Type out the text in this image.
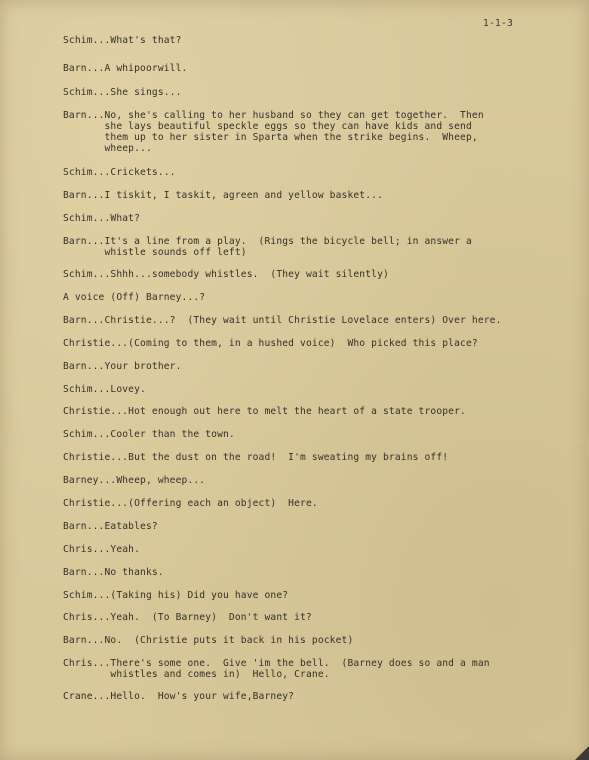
1-1-3
Schim...What's that?
Barn...A whipoorwill.
Schim...She sings...
Barn...No, she's calling to her husband so they can get together.  Then
she lays beautiful speckle eggs so they can have kids and send
them up to her sister in Sparta when the strike begins.  Wheep,
wheep...
Schim...Crickets...
Barn...I tiskit, I taskit, agreen and yellow basket...
Schim...What?
Barn...It's a line from a play.  (Rings the bicycle bell; in answer a
whistle sounds off left)
Schim...Shhh...somebody whistles.  (They wait silently)
A voice (Off) Barney...?
Barn...Christie...?  (They wait until Christie Lovelace enters) Over here.
Christie...(Coming to them, in a hushed voice)  Who picked this place?
Barn...Your brother.
Schim...Lovey.
Christie...Hot enough out here to melt the heart of a state trooper.
Schim...Cooler than the town.
Christie...But the dust on the road!  I'm sweating my brains off!
Barney...Wheep, wheep...
Christie...(Offering each an object)  Here.
Barn...Eatables?
Chris...Yeah.
Barn...No thanks.
Schim...(Taking his) Did you have one?
Chris...Yeah.  (To Barney)  Don't want it?
Barn...No.  (Christie puts it back in his pocket)
Chris...There's some one.  Give 'im the bell.  (Barney does so and a man
whistles and comes in)  Hello, Crane.
Crane...Hello.  How's your wife,Barney?
